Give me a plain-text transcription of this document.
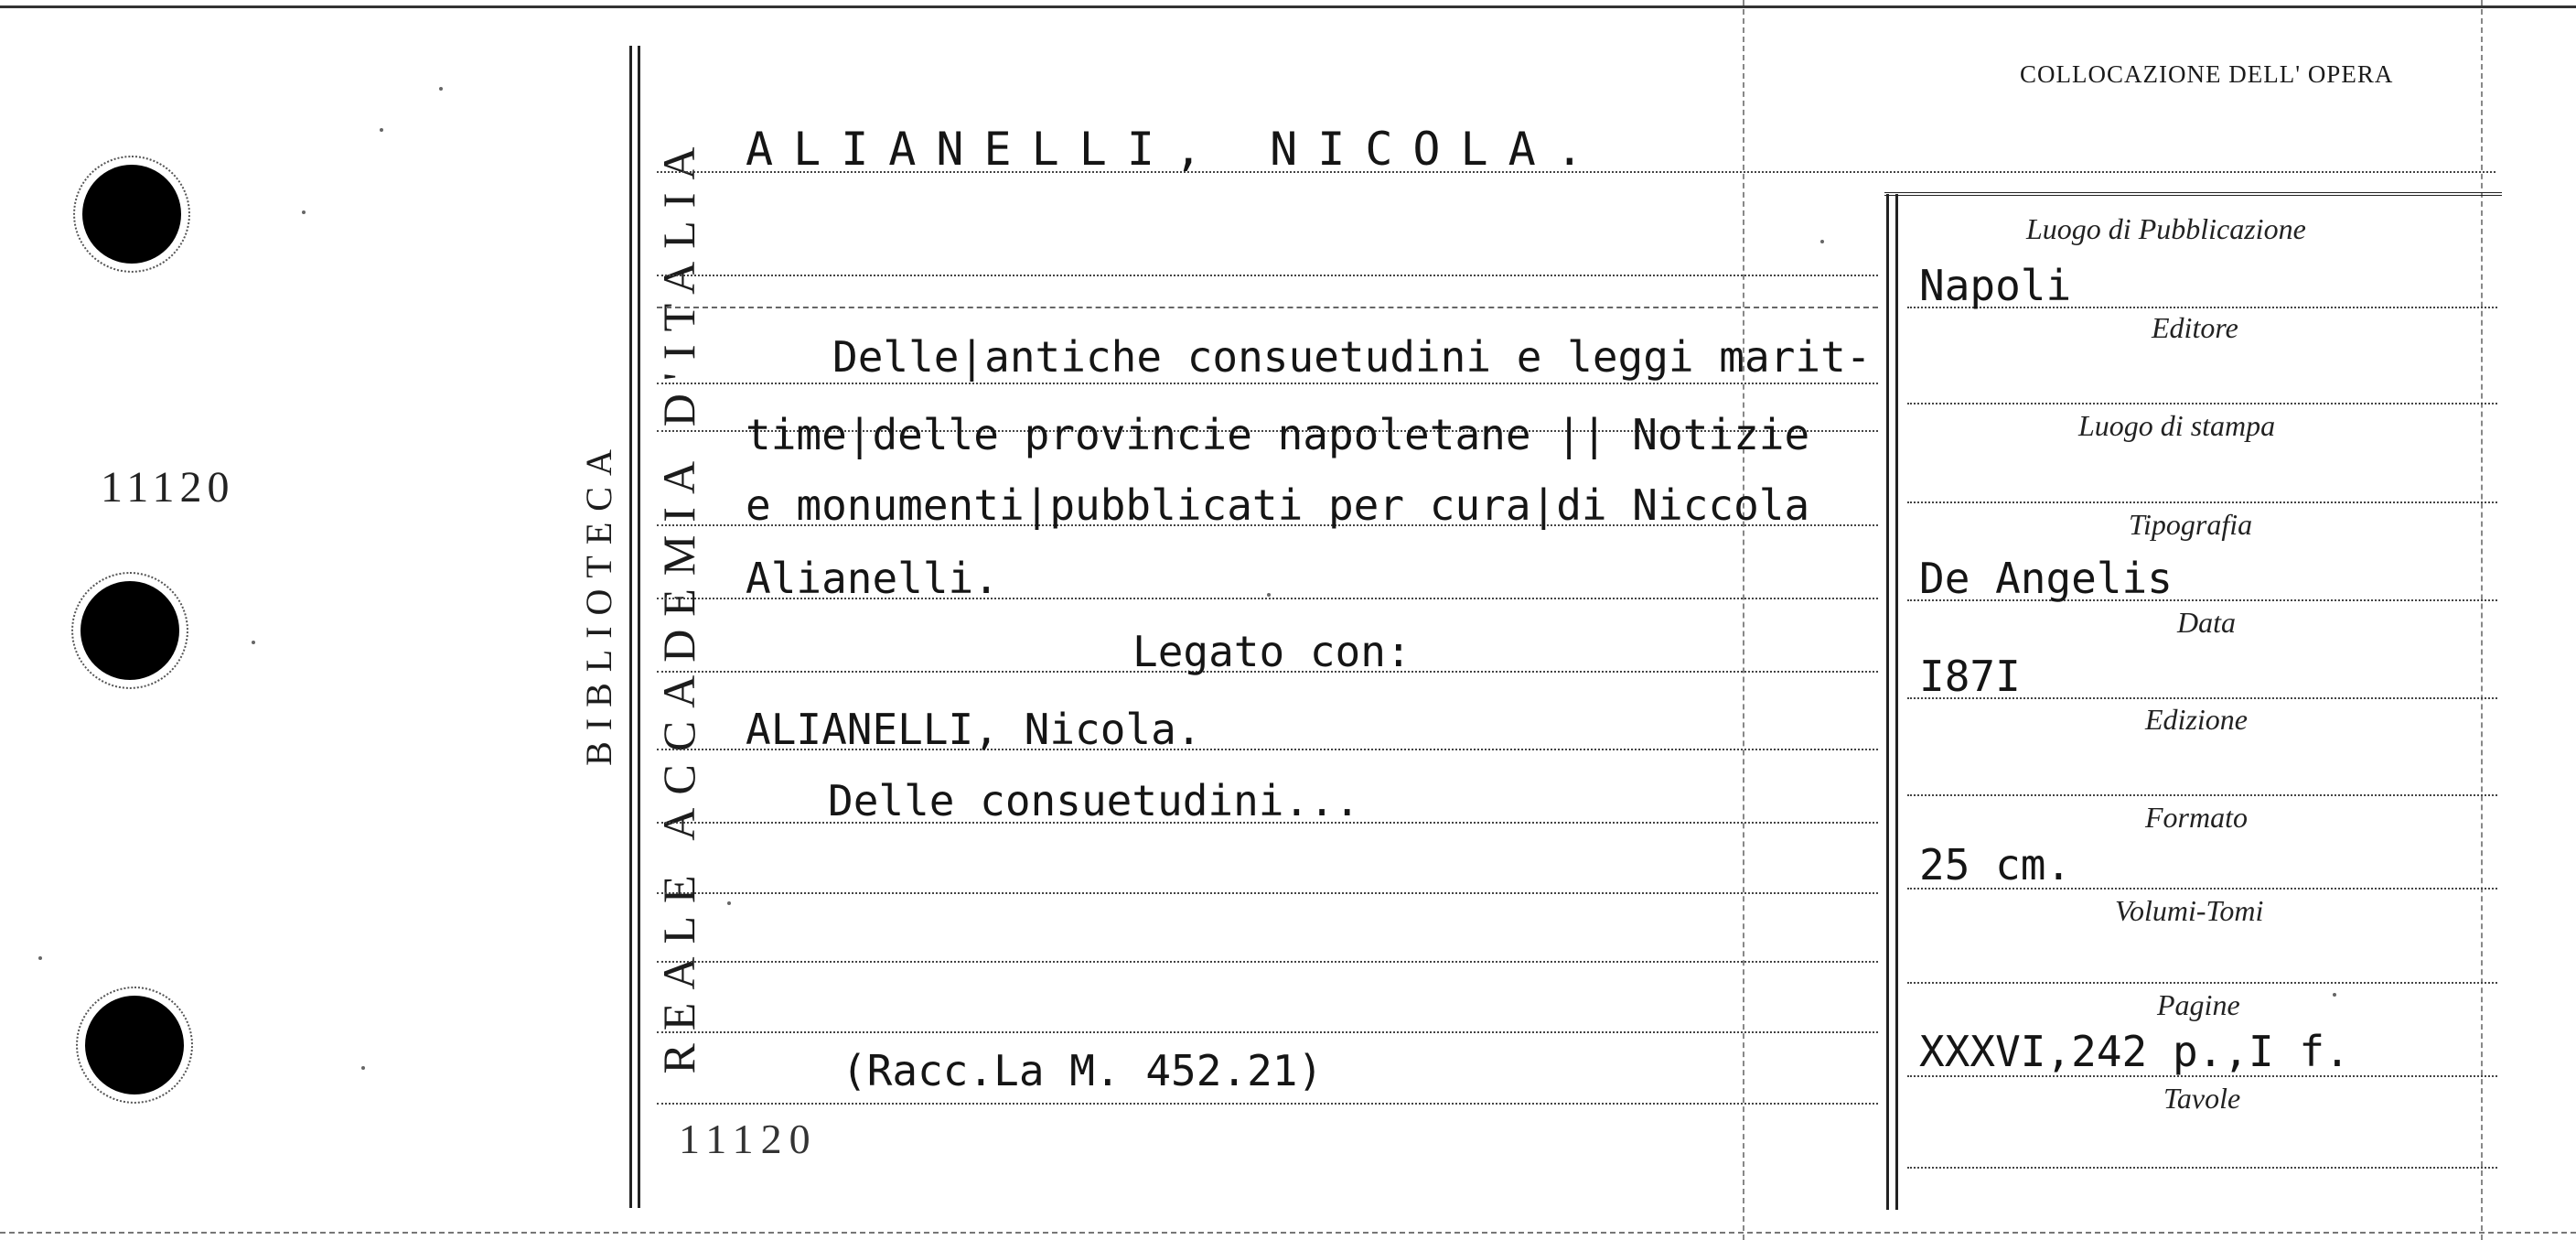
REALE ACCADEMIA D'ITALIA
BIBLIOTECA
11120
COLLOCAZIONE DELL' OPERA
ALIANELLI, NICOLA.
Delle|antiche consuetudini e leggi marit-
time|delle provincie napoletane || Notizie
e monumenti|pubblicati per cura|di Niccola
Alianelli.
Legato con:
ALIANELLI, Nicola.
Delle consuetudini...
(Racc.La M. 452.21)
11120
Luogo di Pubblicazione
Editore
Luogo di stampa
Tipografia
Data
Edizione
Formato
Volumi-Tomi
Pagine
Tavole
Napoli
De Angelis
I87I
25 cm.
XXXVI,242 p.,I f.
